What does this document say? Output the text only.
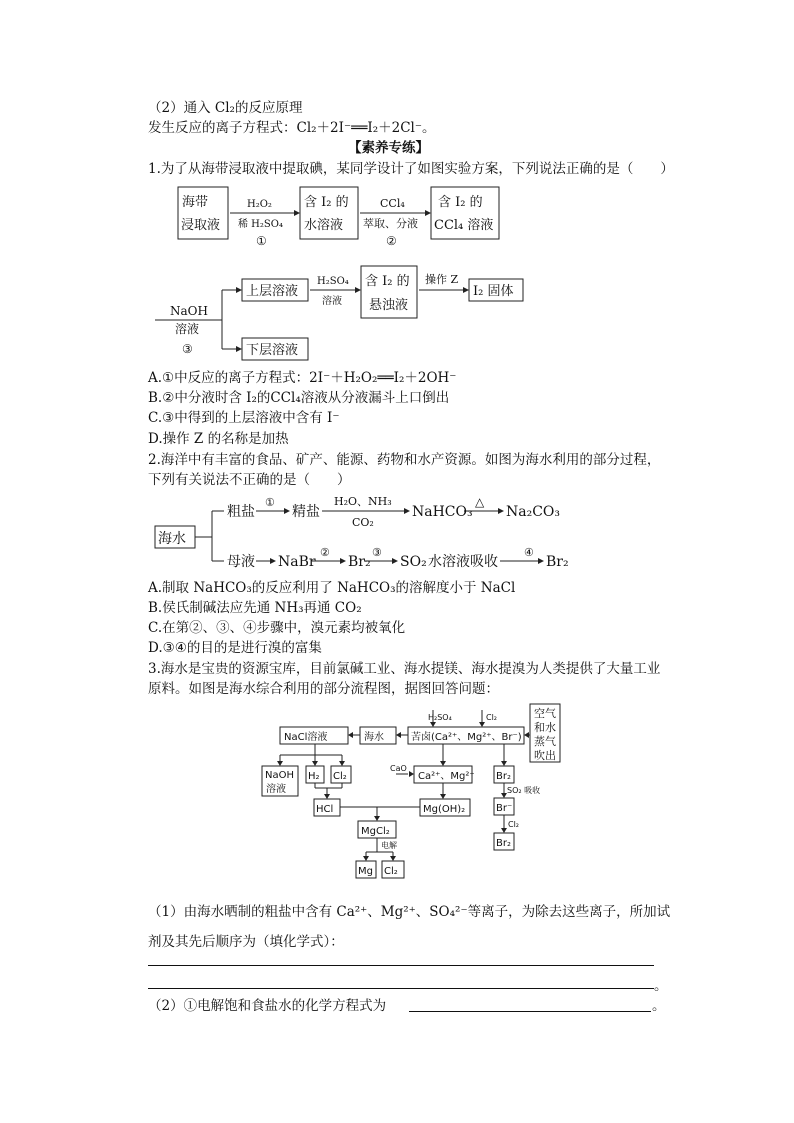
（2）通入 Cl₂的反应原理
发生反应的离子方程式：Cl₂＋2I⁻══I₂＋2Cl⁻。
【素养专练】
1.为了从海带浸取液中提取碘，某同学设计了如图实验方案，下列说法正确的是（　　）
海带
浸取液
H₂O₂
稀 H₂SO₄
①
含 I₂ 的
水溶液
CCl₄
萃取、分液
②
含 I₂ 的
CCl₄ 溶液
NaOH
溶液
③
上层溶液
下层溶液
H₂SO₄
溶液
含 I₂ 的
悬浊液
操作 Z
I₂ 固体
A.①中反应的离子方程式：2I⁻＋H₂O₂══I₂＋2OH⁻
B.②中分液时含 I₂的CCl₄溶液从分液漏斗上口倒出
C.③中得到的上层溶液中含有 I⁻
D.操作 Z 的名称是加热
2.海洋中有丰富的食品、矿产、能源、药物和水产资源。如图为海水利用的部分过程，
下列有关说法不正确的是（　　）
海水
粗盐
①
精盐
H₂O、NH₃
CO₂
NaHCO₃
△
Na₂CO₃
母液 NaBr
②
Br₂
③
SO₂ 水溶液吸收
④
Br₂
A.制取 NaHCO₃的反应利用了 NaHCO₃的溶解度小于 NaCl
B.侯氏制碱法应先通 NH₃再通 CO₂
C.在第②、③、④步骤中，溴元素均被氧化
D.③④的目的是进行溴的富集
3.海水是宝贵的资源宝库，目前氯碱工业、海水提镁、海水提溴为人类提供了大量工业
原料。如图是海水综合利用的部分流程图，据图回答问题：
NaCl溶液	海水
H₂SO₄	Cl₂
苦卤(Ca²⁺、Mg²⁺、Br⁻)
空气
和水
蒸气
吹出
NaOH
溶液
H₂ Cl₂
CaO
Ca²⁺、Mg²⁺ Br₂
SO₂ 吸收
Br⁻
HCl	Mg(OH)₂
Cl₂
MgCl₂
Br₂
电解
Mg Cl₂
（1）由海水晒制的粗盐中含有 Ca²⁺、Mg²⁺、SO₄²⁻等离子，为除去这些离子，所加试
剂及其先后顺序为（填化学式）：
。
（2）①电解饱和食盐水的化学方程式为	。
